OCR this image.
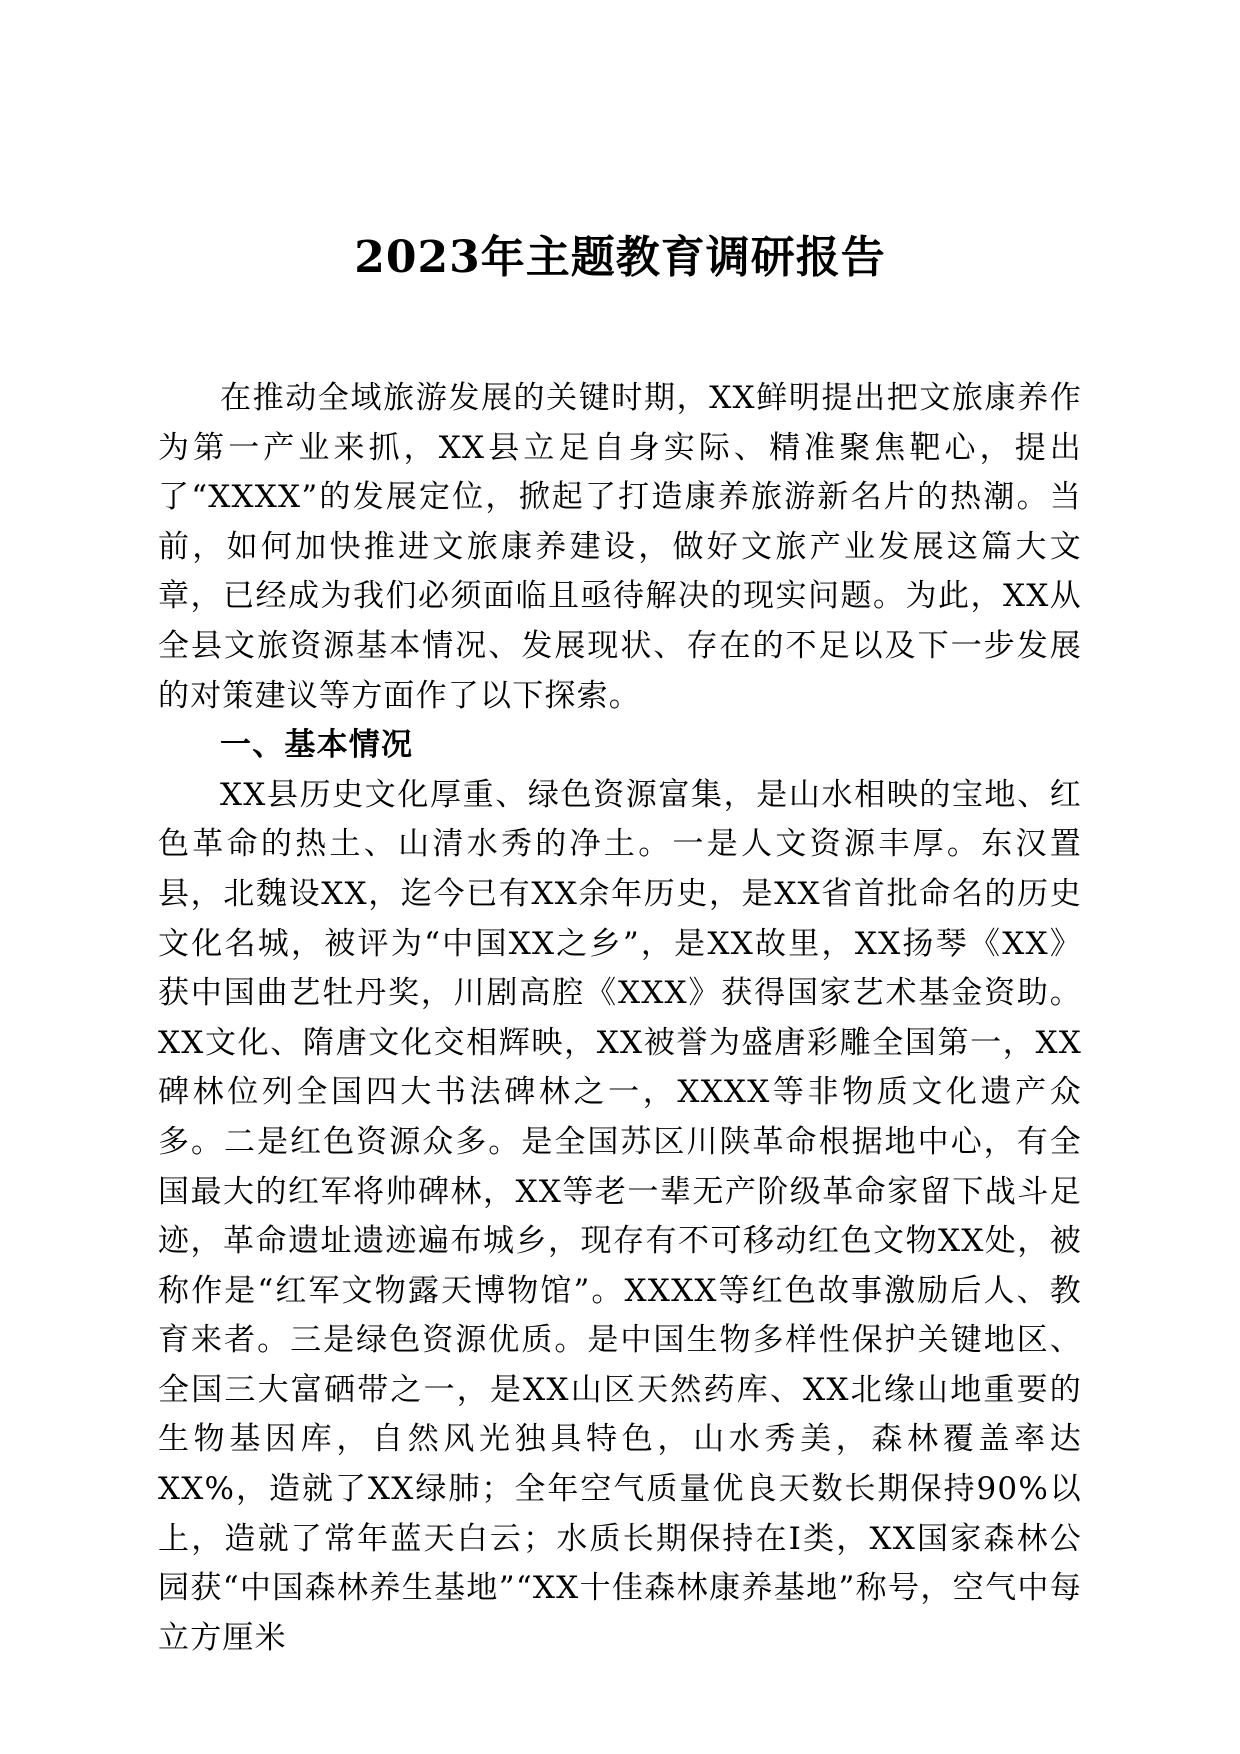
2023年主题教育调研报告

在推动全域旅游发展的关键时期，XX鲜明提出把文旅康养作为第一产业来抓，XX县立足自身实际、精准聚焦靶心，提出了“XXXX”的发展定位，掀起了打造康养旅游新名片的热潮。当前，如何加快推进文旅康养建设，做好文旅产业发展这篇大文章，已经成为我们必须面临且亟待解决的现实问题。为此，XX从全县文旅资源基本情况、发展现状、存在的不足以及下一步发展的对策建议等方面作了以下探索。

一、基本情况

XX县历史文化厚重、绿色资源富集，是山水相映的宝地、红色革命的热土、山清水秀的净土。一是人文资源丰厚。东汉置县，北魏设XX，迄今已有XX余年历史，是XX省首批命名的历史文化名城，被评为“中国XX之乡”，是XX故里，XX扬琴《XX》获中国曲艺牡丹奖，川剧高腔《XXX》获得国家艺术基金资助。XX文化、隋唐文化交相辉映，XX被誉为盛唐彩雕全国第一，XX碑林位列全国四大书法碑林之一，XXXX等非物质文化遗产众多。二是红色资源众多。是全国苏区川陕革命根据地中心，有全国最大的红军将帅碑林，XX等老一辈无产阶级革命家留下战斗足迹，革命遗址遗迹遍布城乡，现存有不可移动红色文物XX处，被称作是“红军文物露天博物馆”。XXXX等红色故事激励后人、教育来者。三是绿色资源优质。是中国生物多样性保护关键地区、全国三大富硒带之一，是XX山区天然药库、XX北缘山地重要的生物基因库，自然风光独具特色，山水秀美，森林覆盖率达XX%，造就了XX绿肺；全年空气质量优良天数长期保持90%以上，造就了常年蓝天白云；水质长期保持在Ⅰ类，XX国家森林公园获“中国森林养生基地”“XX十佳森林康养基地”称号，空气中每立方厘米
